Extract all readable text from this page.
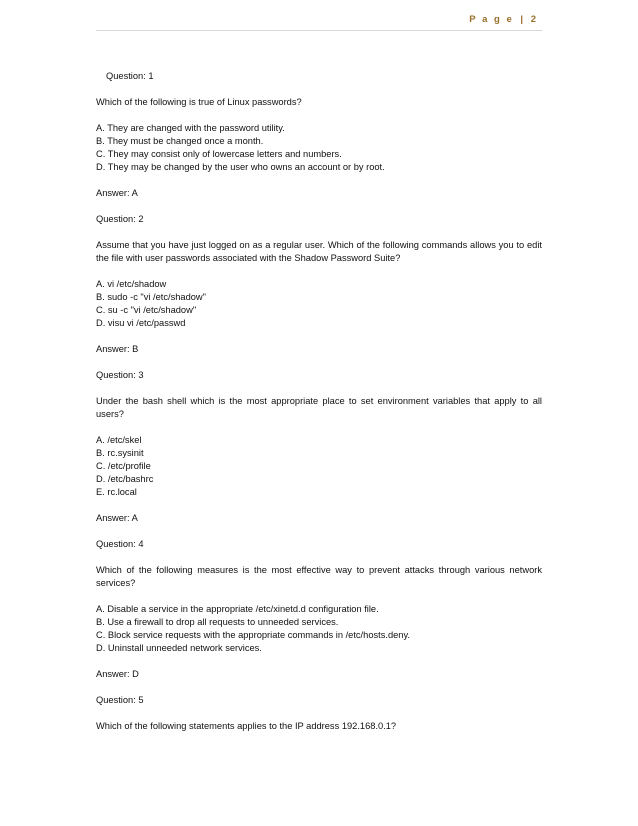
P a g e | 2

Question: 1

Which of the following is true of Linux passwords?

A. They are changed with the password utility.
B. They must be changed once a month.
C. They may consist only of lowercase letters and numbers.
D. They may be changed by the user who owns an account or by root.

Answer: A

Question: 2

Assume that you have just logged on as a regular user. Which of the following commands allows you to edit the file with user passwords associated with the Shadow Password Suite?

A. vi /etc/shadow
B. sudo -c "vi /etc/shadow"
C. su -c "vi /etc/shadow"
D. visu vi /etc/passwd

Answer: B

Question: 3

Under the bash shell which is the most appropriate place to set environment variables that apply to all users?

A. /etc/skel
B. rc.sysinit
C. /etc/profile
D. /etc/bashrc
E. rc.local

Answer: A

Question: 4

Which of the following measures is the most effective way to prevent attacks through various network services?

A. Disable a service in the appropriate /etc/xinetd.d configuration file.
B. Use a firewall to drop all requests to unneeded services.
C. Block service requests with the appropriate commands in /etc/hosts.deny.
D. Uninstall unneeded network services.

Answer: D

Question: 5

Which of the following statements applies to the IP address 192.168.0.1?
